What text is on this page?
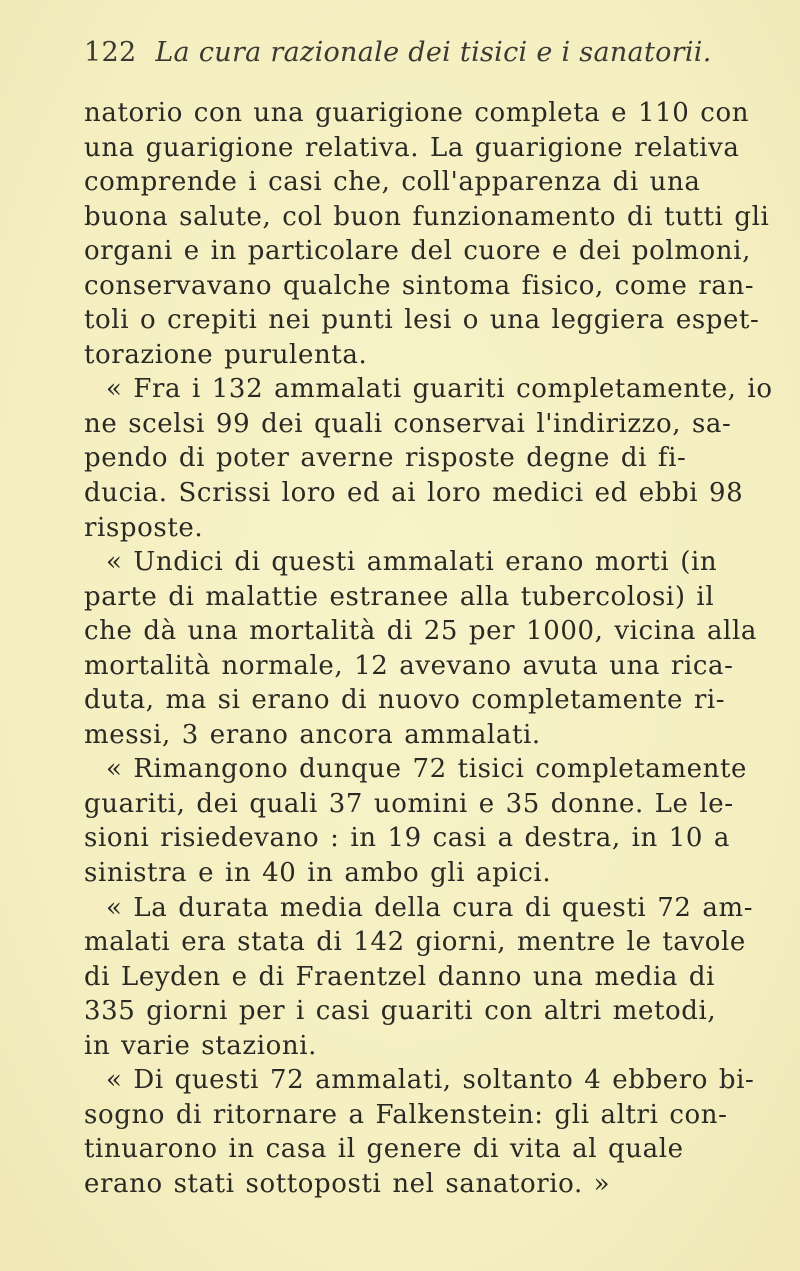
122 La cura razionale dei tisici e i sanatorii.
natorio con una guarigione completa e 110 con
una guarigione relativa. La guarigione relativa
comprende i casi che, coll'apparenza di una
buona salute, col buon funzionamento di tutti gli
organi e in particolare del cuore e dei polmoni,
conservavano qualche sintoma fisico, come ran-
toli o crepiti nei punti lesi o una leggiera espet-
torazione purulenta.
« Fra i 132 ammalati guariti completamente, io
ne scelsi 99 dei quali conservai l'indirizzo, sa-
pendo di poter averne risposte degne di fi-
ducia. Scrissi loro ed ai loro medici ed ebbi 98
risposte.
« Undici di questi ammalati erano morti (in
parte di malattie estranee alla tubercolosi) il
che dà una mortalità di 25 per 1000, vicina alla
mortalità normale, 12 avevano avuta una rica-
duta, ma si erano di nuovo completamente ri-
messi, 3 erano ancora ammalati.
« Rimangono dunque 72 tisici completamente
guariti, dei quali 37 uomini e 35 donne. Le le-
sioni risiedevano : in 19 casi a destra, in 10 a
sinistra e in 40 in ambo gli apici.
« La durata media della cura di questi 72 am-
malati era stata di 142 giorni, mentre le tavole
di Leyden e di Fraentzel danno una media di
335 giorni per i casi guariti con altri metodi,
in varie stazioni.
« Di questi 72 ammalati, soltanto 4 ebbero bi-
sogno di ritornare a Falkenstein: gli altri con-
tinuarono in casa il genere di vita al quale
erano stati sottoposti nel sanatorio. »
